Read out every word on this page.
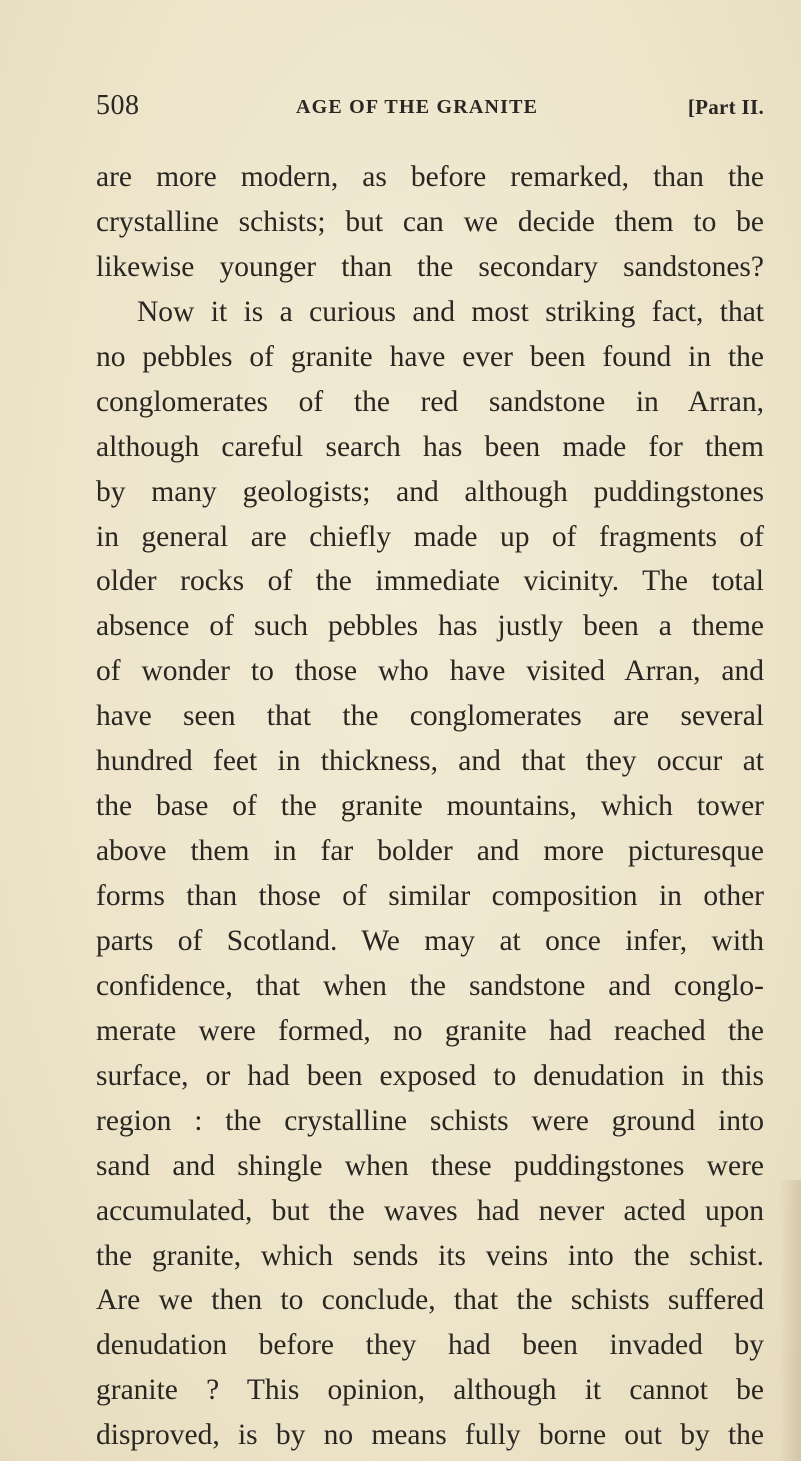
508	AGE OF THE GRANITE	[Part II.
are more modern, as before remarked, than the
crystalline schists; but can we decide them to be
likewise younger than the secondary sandstones?
Now it is a curious and most striking fact, that
no pebbles of granite have ever been found in the
conglomerates of the red sandstone in Arran,
although careful search has been made for them
by many geologists; and although puddingstones
in general are chiefly made up of fragments of
older rocks of the immediate vicinity. The total
absence of such pebbles has justly been a theme
of wonder to those who have visited Arran, and
have seen that the conglomerates are several
hundred feet in thickness, and that they occur at
the base of the granite mountains, which tower
above them in far bolder and more picturesque
forms than those of similar composition in other
parts of Scotland. We may at once infer, with
confidence, that when the sandstone and conglo-
merate were formed, no granite had reached the
surface, or had been exposed to denudation in this
region : the crystalline schists were ground into
sand and shingle when these puddingstones were
accumulated, but the waves had never acted upon
the granite, which sends its veins into the schist.
Are we then to conclude, that the schists suffered
denudation before they had been invaded by
granite ? This opinion, although it cannot be
disproved, is by no means fully borne out by the
